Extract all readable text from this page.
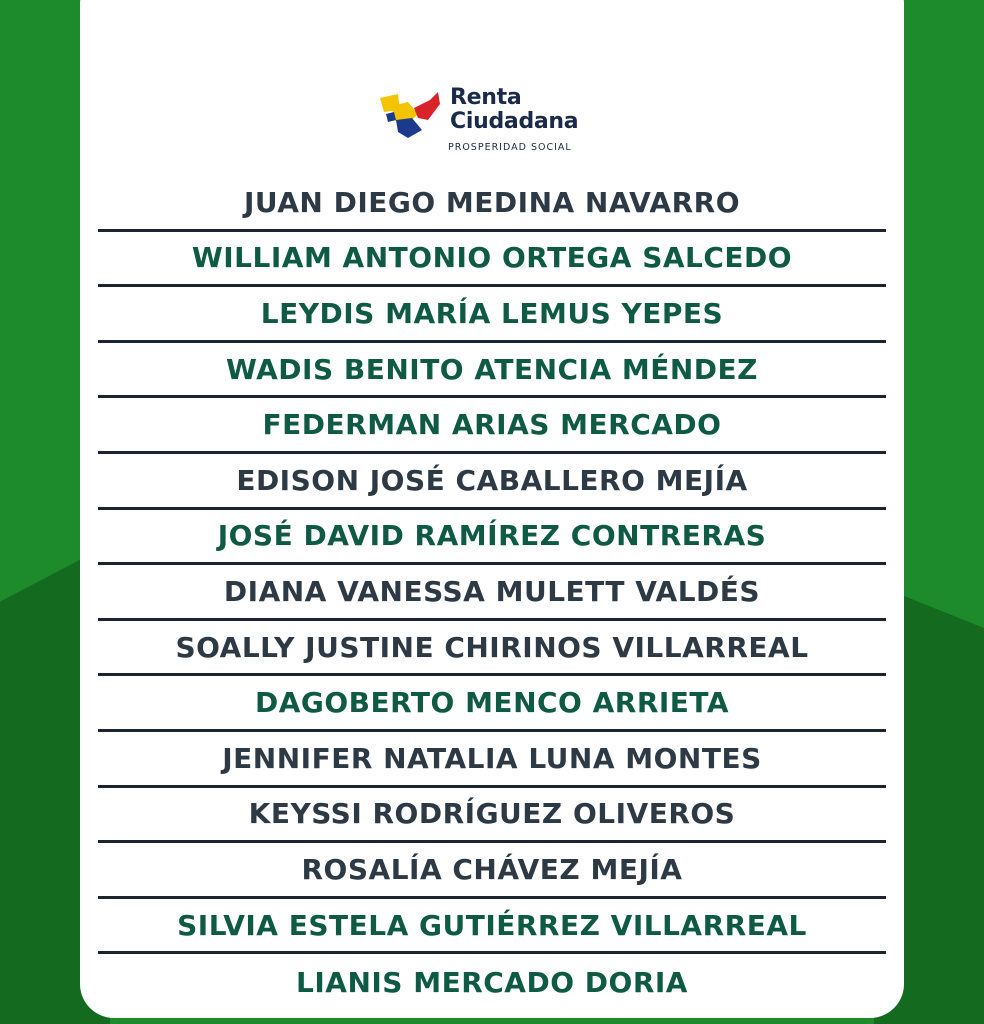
Renta
Ciudadana
PROSPERIDAD SOCIAL
JUAN DIEGO MEDINA NAVARRO
WILLIAM ANTONIO ORTEGA SALCEDO
LEYDIS MARÍA LEMUS YEPES
WADIS BENITO ATENCIA MÉNDEZ
FEDERMAN ARIAS MERCADO
EDISON JOSÉ CABALLERO MEJÍA
JOSÉ DAVID RAMÍREZ CONTRERAS
DIANA VANESSA MULETT VALDÉS
SOALLY JUSTINE CHIRINOS VILLARREAL
DAGOBERTO MENCO ARRIETA
JENNIFER NATALIA LUNA MONTES
KEYSSI RODRÍGUEZ OLIVEROS
ROSALÍA CHÁVEZ MEJÍA
SILVIA ESTELA GUTIÉRREZ VILLARREAL
LIANIS MERCADO DORIA
